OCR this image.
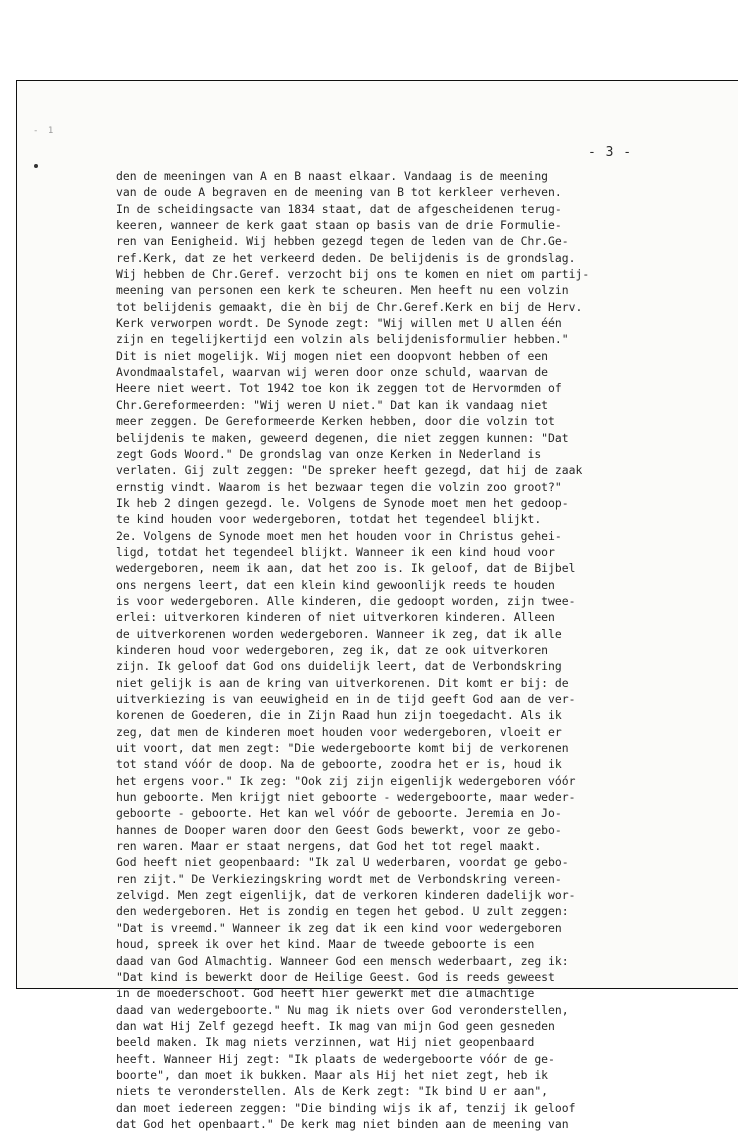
- 1
- 3 -
den de meeningen van A en B naast elkaar. Vandaag is de meening
van de oude A begraven en de meening van B tot kerkleer verheven.
In de scheidingsacte van 1834 staat, dat de afgescheidenen terug-
keeren, wanneer de kerk gaat staan op basis van de drie Formulie-
ren van Eenigheid. Wij hebben gezegd tegen de leden van de Chr.Ge-
ref.Kerk, dat ze het verkeerd deden. De belijdenis is de grondslag.
Wij hebben de Chr.Geref. verzocht bij ons te komen en niet om partij-
meening van personen een kerk te scheuren. Men heeft nu een volzin
tot belijdenis gemaakt, die èn bij de Chr.Geref.Kerk en bij de Herv.
Kerk verworpen wordt. De Synode zegt: "Wij willen met U allen één
zijn en tegelijkertijd een volzin als belijdenisformulier hebben."
Dit is niet mogelijk. Wij mogen niet een doopvont hebben of een
Avondmaalstafel, waarvan wij weren door onze schuld, waarvan de
Heere niet weert. Tot 1942 toe kon ik zeggen tot de Hervormden of
Chr.Gereformeerden: "Wij weren U niet." Dat kan ik vandaag niet
meer zeggen. De Gereformeerde Kerken hebben, door die volzin tot
belijdenis te maken, geweerd degenen, die niet zeggen kunnen: "Dat
zegt Gods Woord." De grondslag van onze Kerken in Nederland is
verlaten. Gij zult zeggen: "De spreker heeft gezegd, dat hij de zaak
ernstig vindt. Waarom is het bezwaar tegen die volzin zoo groot?"
Ik heb 2 dingen gezegd. le. Volgens de Synode moet men het gedoop-
te kind houden voor wedergeboren, totdat het tegendeel blijkt.
2e. Volgens de Synode moet men het houden voor in Christus gehei-
ligd, totdat het tegendeel blijkt. Wanneer ik een kind houd voor
wedergeboren, neem ik aan, dat het zoo is. Ik geloof, dat de Bijbel
ons nergens leert, dat een klein kind gewoonlijk reeds te houden
is voor wedergeboren. Alle kinderen, die gedoopt worden, zijn twee-
erlei: uitverkoren kinderen of niet uitverkoren kinderen. Alleen
de uitverkorenen worden wedergeboren. Wanneer ik zeg, dat ik alle
kinderen houd voor wedergeboren, zeg ik, dat ze ook uitverkoren
zijn. Ik geloof dat God ons duidelijk leert, dat de Verbondskring
niet gelijk is aan de kring van uitverkorenen. Dit komt er bij: de
uitverkiezing is van eeuwigheid en in de tijd geeft God aan de ver-
korenen de Goederen, die in Zijn Raad hun zijn toegedacht. Als ik
zeg, dat men de kinderen moet houden voor wedergeboren, vloeit er
uit voort, dat men zegt: "Die wedergeboorte komt bij de verkorenen
tot stand vóór de doop. Na de geboorte, zoodra het er is, houd ik
het ergens voor." Ik zeg: "Ook zij zijn eigenlijk wedergeboren vóór
hun geboorte. Men krijgt niet geboorte - wedergeboorte, maar weder-
geboorte - geboorte. Het kan wel vóór de geboorte. Jeremia en Jo-
hannes de Dooper waren door den Geest Gods bewerkt, voor ze gebo-
ren waren. Maar er staat nergens, dat God het tot regel maakt.
God heeft niet geopenbaard: "Ik zal U wederbaren, voordat ge gebo-
ren zijt." De Verkiezingskring wordt met de Verbondskring vereen-
zelvigd. Men zegt eigenlijk, dat de verkoren kinderen dadelijk wor-
den wedergeboren. Het is zondig en tegen het gebod. U zult zeggen:
"Dat is vreemd." Wanneer ik zeg dat ik een kind voor wedergeboren
houd, spreek ik over het kind. Maar de tweede geboorte is een
daad van God Almachtig. Wanneer God een mensch wederbaart, zeg ik:
"Dat kind is bewerkt door de Heilige Geest. God is reeds geweest
in de moederschoot. God heeft hier gewerkt met die almachtige
daad van wedergeboorte." Nu mag ik niets over God veronderstellen,
dan wat Hij Zelf gezegd heeft. Ik mag van mijn God geen gesneden
beeld maken. Ik mag niets verzinnen, wat Hij niet geopenbaard
heeft. Wanneer Hij zegt: "Ik plaats de wedergeboorte vóór de ge-
boorte", dan moet ik bukken. Maar als Hij het niet zegt, heb ik
niets te veronderstellen. Als de Kerk zegt: "Ik bind U er aan",
dan moet iedereen zeggen: "Die binding wijs ik af, tenzij ik geloof
dat God het openbaart." De kerk mag niet binden aan de meening van
